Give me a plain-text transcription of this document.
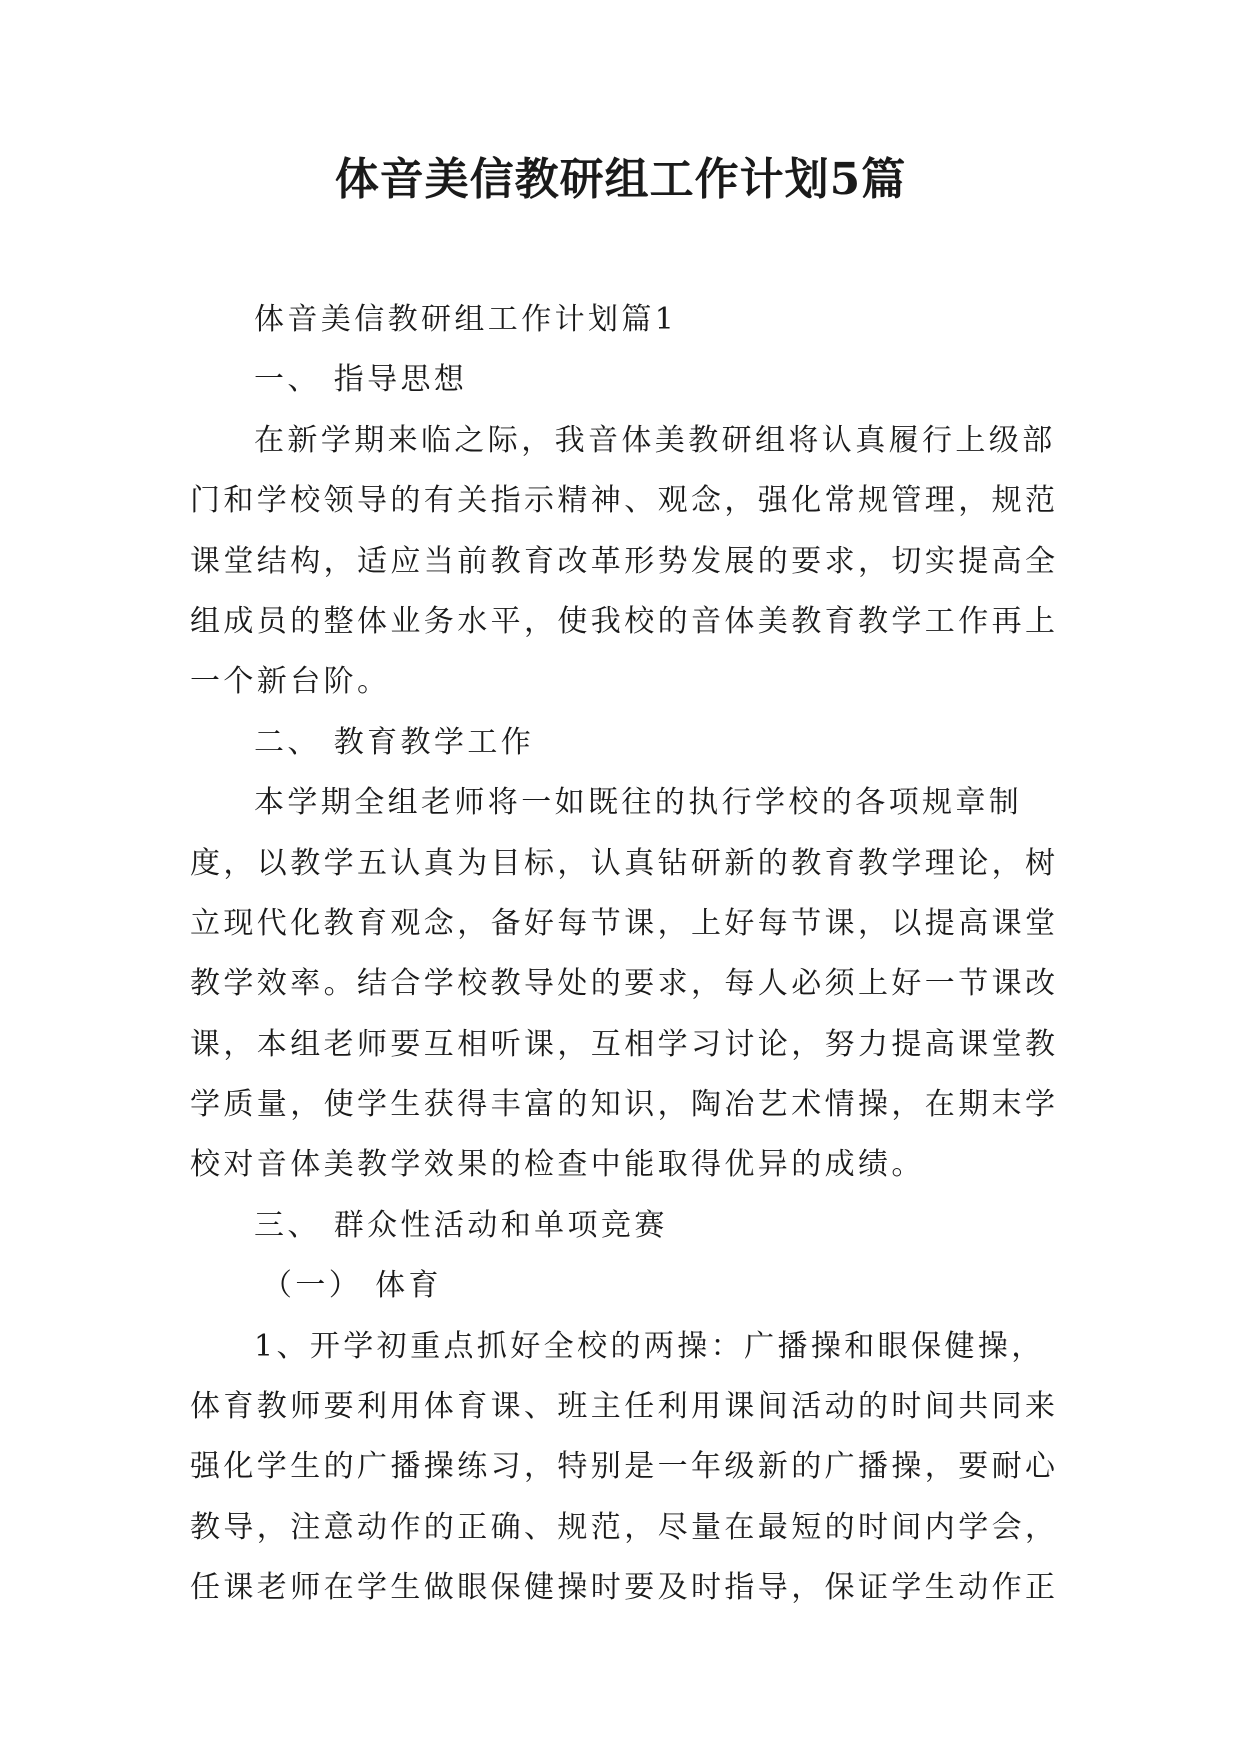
体音美信教研组工作计划5篇
体音美信教研组工作计划篇1
一、 指导思想
在新学期来临之际，我音体美教研组将认真履行上级部
门和学校领导的有关指示精神、观念，强化常规管理，规范
课堂结构，适应当前教育改革形势发展的要求，切实提高全
组成员的整体业务水平，使我校的音体美教育教学工作再上
一个新台阶。
二、 教育教学工作
本学期全组老师将一如既往的执行学校的各项规章制
度，以教学五认真为目标，认真钻研新的教育教学理论，树
立现代化教育观念，备好每节课，上好每节课，以提高课堂
教学效率。结合学校教导处的要求，每人必须上好一节课改
课，本组老师要互相听课，互相学习讨论，努力提高课堂教
学质量，使学生获得丰富的知识，陶冶艺术情操，在期末学
校对音体美教学效果的检查中能取得优异的成绩。
三、 群众性活动和单项竞赛
（一） 体育
1、开学初重点抓好全校的两操：广播操和眼保健操，
体育教师要利用体育课、班主任利用课间活动的时间共同来
强化学生的广播操练习，特别是一年级新的广播操，要耐心
教导，注意动作的正确、规范，尽量在最短的时间内学会，
任课老师在学生做眼保健操时要及时指导，保证学生动作正
